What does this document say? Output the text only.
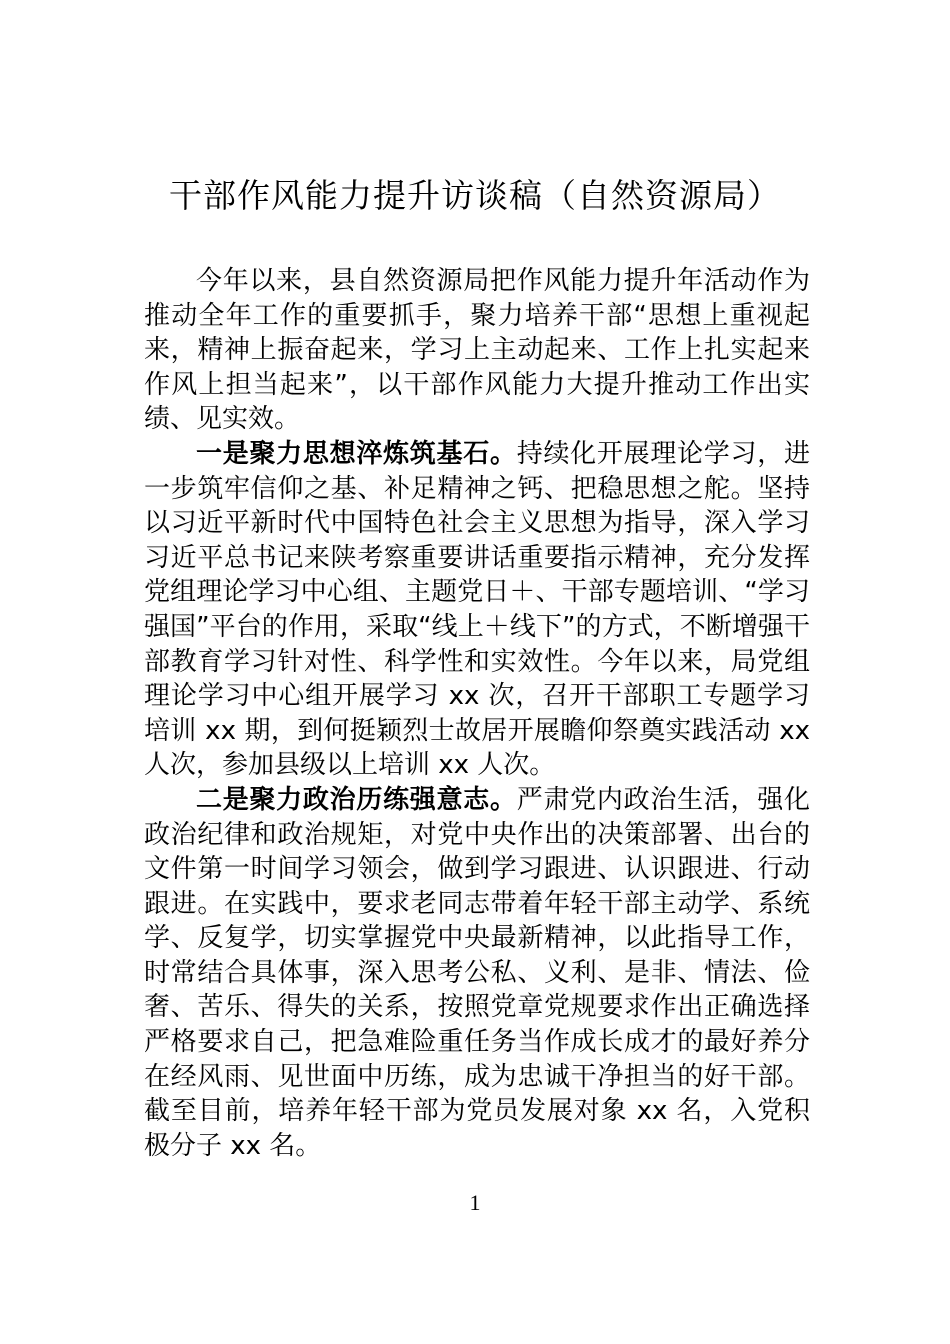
干部作风能力提升访谈稿（自然资源局）

今年以来，县自然资源局把作风能力提升年活动作为推动全年工作的重要抓手，聚力培养干部“思想上重视起来，精神上振奋起来，学习上主动起来、工作上扎实起来作风上担当起来”，以干部作风能力大提升推动工作出实绩、见实效。

一是聚力思想淬炼筑基石。持续化开展理论学习，进一步筑牢信仰之基、补足精神之钙、把稳思想之舵。坚持以习近平新时代中国特色社会主义思想为指导，深入学习习近平总书记来陕考察重要讲话重要指示精神，充分发挥党组理论学习中心组、主题党日＋、干部专题培训、“学习强国”平台的作用，采取“线上＋线下”的方式，不断增强干部教育学习针对性、科学性和实效性。今年以来，局党组理论学习中心组开展学习 xx 次，召开干部职工专题学习培训 xx 期，到何挺颖烈士故居开展瞻仰祭奠实践活动 xx 人次，参加县级以上培训 xx 人次。

二是聚力政治历练强意志。严肃党内政治生活，强化政治纪律和政治规矩，对党中央作出的决策部署、出台的文件第一时间学习领会，做到学习跟进、认识跟进、行动跟进。在实践中，要求老同志带着年轻干部主动学、系统学、反复学，切实掌握党中央最新精神，以此指导工作，时常结合具体事，深入思考公私、义利、是非、情法、俭奢、苦乐、得失的关系，按照党章党规要求作出正确选择严格要求自己，把急难险重任务当作成长成才的最好养分在经风雨、见世面中历练，成为忠诚干净担当的好干部。截至目前，培养年轻干部为党员发展对象 xx 名，入党积极分子 xx 名。

1
